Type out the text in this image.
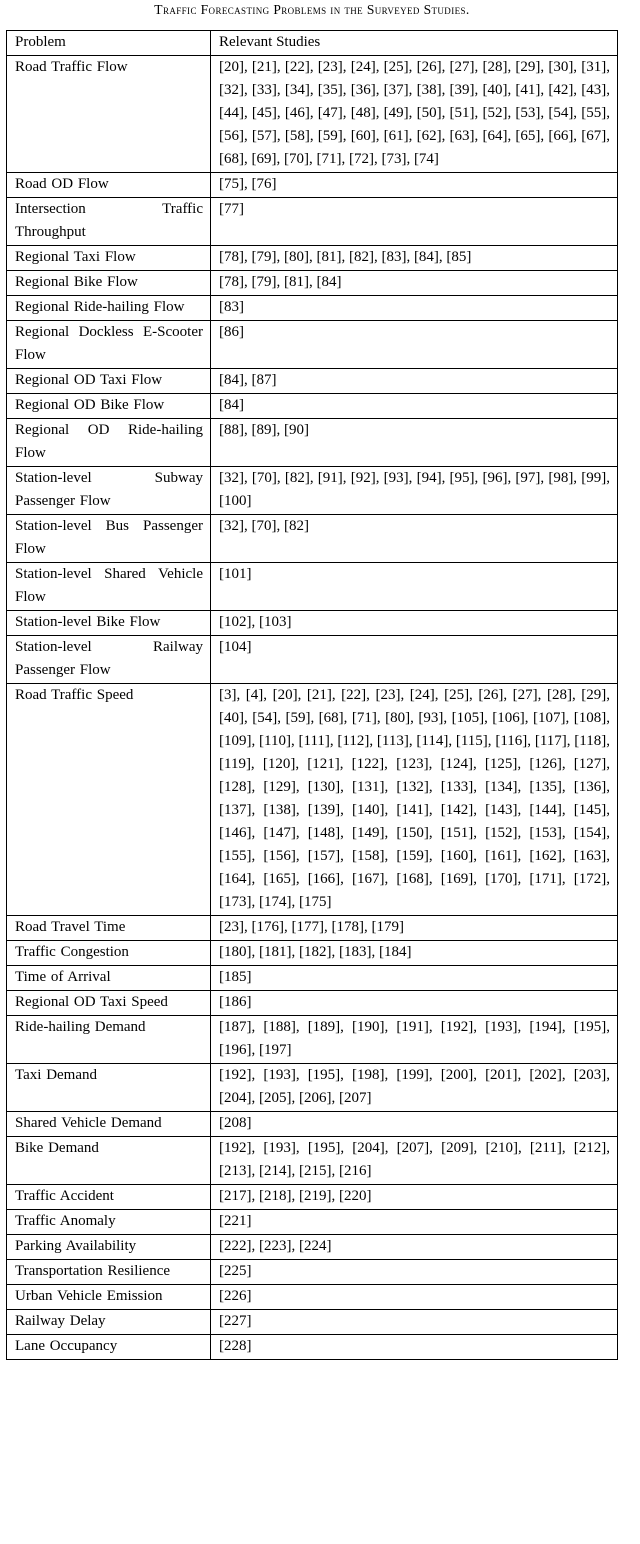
Traffic Forecasting Problems in the Surveyed Studies.
Problem	Relevant Studies
Road Traffic Flow	[20], [21], [22], [23], [24], [25], [26], [27], [28], [29], [30], [31], [32], [33], [34], [35], [36], [37], [38], [39], [40], [41], [42], [43], [44], [45], [46], [47], [48], [49], [50], [51], [52], [53], [54], [55], [56], [57], [58], [59], [60], [61], [62], [63], [64], [65], [66], [67], [68], [69], [70], [71], [72], [73], [74]
Road OD Flow	[75], [76]
Intersection Traffic Throughput	[77]
Regional Taxi Flow	[78], [79], [80], [81], [82], [83], [84], [85]
Regional Bike Flow	[78], [79], [81], [84]
Regional Ride-hailing Flow	[83]
Regional Dockless E-Scooter Flow	[86]
Regional OD Taxi Flow	[84], [87]
Regional OD Bike Flow	[84]
Regional OD Ride-hailing Flow	[88], [89], [90]
Station-level Subway Passenger Flow	[32], [70], [82], [91], [92], [93], [94], [95], [96], [97], [98], [99], [100]
Station-level Bus Passenger Flow	[32], [70], [82]
Station-level Shared Vehicle Flow	[101]
Station-level Bike Flow	[102], [103]
Station-level Railway Passenger Flow	[104]
Road Traffic Speed	[3], [4], [20], [21], [22], [23], [24], [25], [26], [27], [28], [29], [40], [54], [59], [68], [71], [80], [93], [105], [106], [107], [108], [109], [110], [111], [112], [113], [114], [115], [116], [117], [118], [119], [120], [121], [122], [123], [124], [125], [126], [127], [128], [129], [130], [131], [132], [133], [134], [135], [136], [137], [138], [139], [140], [141], [142], [143], [144], [145], [146], [147], [148], [149], [150], [151], [152], [153], [154], [155], [156], [157], [158], [159], [160], [161], [162], [163], [164], [165], [166], [167], [168], [169], [170], [171], [172], [173], [174], [175]
Road Travel Time	[23], [176], [177], [178], [179]
Traffic Congestion	[180], [181], [182], [183], [184]
Time of Arrival	[185]
Regional OD Taxi Speed	[186]
Ride-hailing Demand	[187], [188], [189], [190], [191], [192], [193], [194], [195], [196], [197]
Taxi Demand	[192], [193], [195], [198], [199], [200], [201], [202], [203], [204], [205], [206], [207]
Shared Vehicle Demand	[208]
Bike Demand	[192], [193], [195], [204], [207], [209], [210], [211], [212], [213], [214], [215], [216]
Traffic Accident	[217], [218], [219], [220]
Traffic Anomaly	[221]
Parking Availability	[222], [223], [224]
Transportation Resilience	[225]
Urban Vehicle Emission	[226]
Railway Delay	[227]
Lane Occupancy	[228]
